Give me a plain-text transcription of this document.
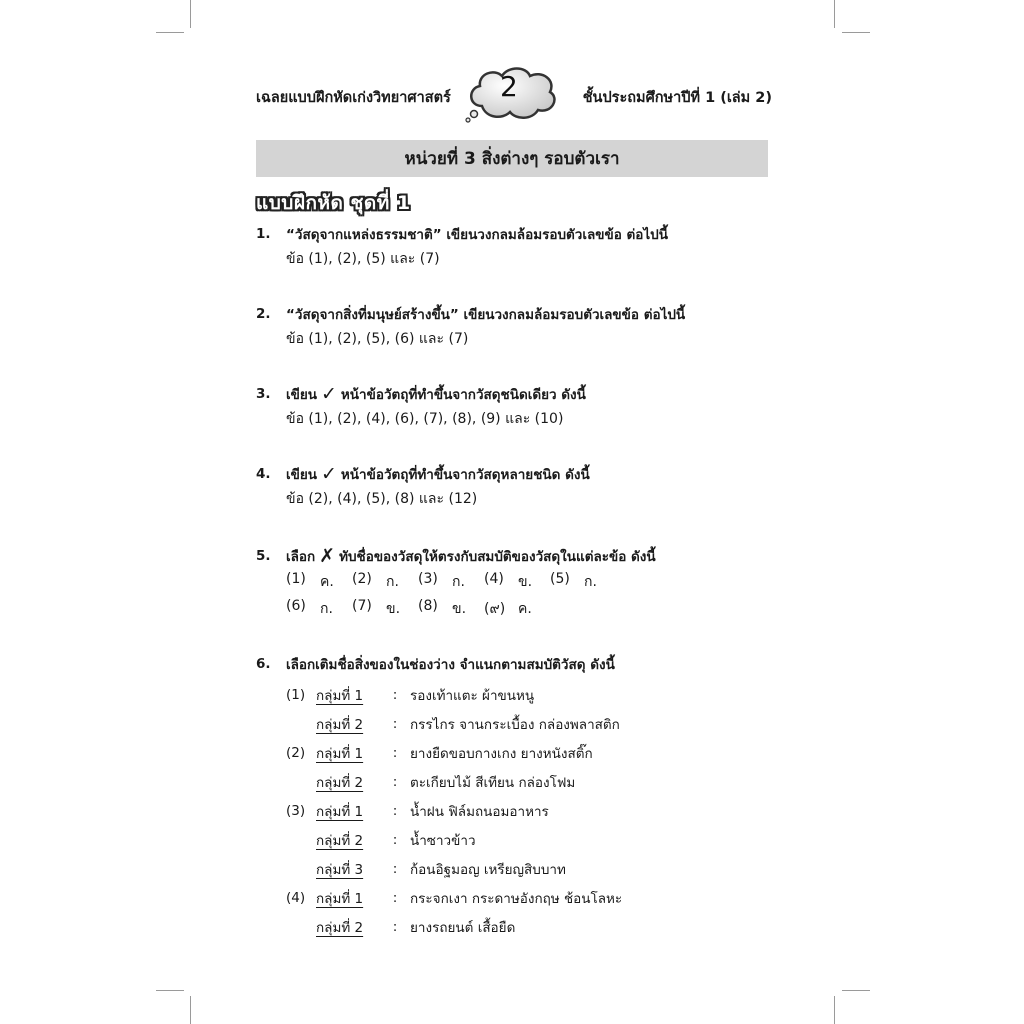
เฉลยแบบฝึกหัดเก่งวิทยาศาสตร์ 2	ชั้นประถมศึกษาปีที่ 1 (เล่ม 2)
หน่วยที่ 3 สิ่งต่างๆ รอบตัวเรา
แบบฝึกหัด ชุดที่ 1
1.	“วัสดุจากแหล่งธรรมชาติ” เขียนวงกลมล้อมรอบตัวเลขข้อ ต่อไปนี้
ข้อ (1), (2), (5) และ (7)
2.	“วัสดุจากสิ่งที่มนุษย์สร้างขึ้น” เขียนวงกลมล้อมรอบตัวเลขข้อ ต่อไปนี้
ข้อ (1), (2), (5), (6) และ (7)
3.	เขียน ✓ หน้าข้อวัตถุที่ทำขึ้นจากวัสดุชนิดเดียว ดังนี้
ข้อ (1), (2), (4), (6), (7), (8), (9) และ (10)
4.	เขียน ✓ หน้าข้อวัตถุที่ทำขึ้นจากวัสดุหลายชนิด ดังนี้
ข้อ (2), (4), (5), (8) และ (12)
5.	เลือก ✗ ทับชื่อของวัสดุให้ตรงกับสมบัติของวัสดุในแต่ละข้อ ดังนี้
(1)	ค. (2)	ก. (3)	ก. (4)	ข. (5)	ก.
(6)	ก. (7)	ข. (8)	ข. (๙) ค.
6.	เลือกเติมชื่อสิ่งของในช่องว่าง จำแนกตามสมบัติวัสดุ ดังนี้
(1) กลุ่มที่ 1	: รองเท้าแตะ ผ้าขนหนู
กลุ่มที่ 2	: กรรไกร จานกระเบื้อง กล่องพลาสติก
(2) กลุ่มที่ 1	: ยางยืดขอบกางเกง ยางหนังสติ๊ก
กลุ่มที่ 2	: ตะเกียบไม้ สีเทียน กล่องโฟม
(3) กลุ่มที่ 1	: น้ำฝน ฟิล์มถนอมอาหาร
กลุ่มที่ 2	: น้ำซาวข้าว
กลุ่มที่ 3	: ก้อนอิฐมอญ เหรียญสิบบาท
(4) กลุ่มที่ 1	: กระจกเงา กระดาษอังกฤษ ช้อนโลหะ
กลุ่มที่ 2	: ยางรถยนต์ เสื้อยืด
